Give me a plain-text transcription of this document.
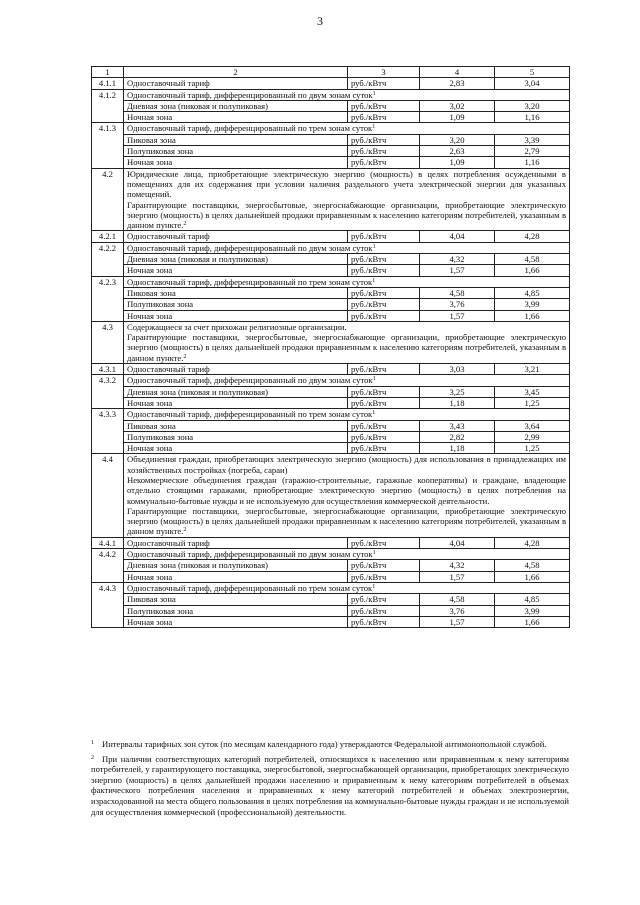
3
1	2	3	4	5
4.1.1	Одноставочный тариф	руб./кВтч	2,83	3,04
4.1.2	Одноставочный тариф, дифференцированный по двум зонам суток$^1$
	Дневная зона (пиковая и полупиковая)	руб./кВтч	3,02	3,20
	Ночная зона	руб./кВтч	1,09	1,16
4.1.3	Одноставочный тариф, дифференцированный по трем зонам суток$^1$
	Пиковая зона	руб./кВтч	3,20	3,39
	Полупиковая зона	руб./кВтч	2,63	2,79
	Ночная зона	руб./кВтч	1,09	1,16
4.2	Юридические лица, приобретающие электрическую энергию (мощность) в целях потребления осужденными в помещениях для их содержания при условии наличия раздельного учета электрической энергии для указанных помещений.

Гарантирующие поставщики, энергосбытовые, энергоснабжающие организации, приобретающие электрическую энергию (мощность) в целях дальнейшей продажи приравненным к населению категориям потребителей, указанным в данном пункте.$^2$

4.2.1	Одноставочный тариф	руб./кВтч	4,04	4,28
4.2.2	Одноставочный тариф, дифференцированный по двум зонам суток$^1$
	Дневная зона (пиковая и полупиковая)	руб./кВтч	4,32	4,58
	Ночная зона	руб./кВтч	1,57	1,66
4.2.3	Одноставочный тариф, дифференцированный по трем зонам суток$^1$
	Пиковая зона	руб./кВтч	4,58	4,85
	Полупиковая зона	руб./кВтч	3,76	3,99
	Ночная зона	руб./кВтч	1,57	1,66
4.3	Содержащиеся за счет прихожан религиозные организации.

Гарантирующие поставщики, энергосбытовые, энергоснабжающие организации, приобретающие электрическую энергию (мощность) в целях дальнейшей продажи приравненным к населению категориям потребителей, указанным в данном пункте.$^2$

4.3.1	Одноставочный тариф	руб./кВтч	3,03	3,21
4.3.2	Одноставочный тариф, дифференцированный по двум зонам суток$^1$
	Дневная зона (пиковая и полупиковая)	руб./кВтч	3,25	3,45
	Ночная зона	руб./кВтч	1,18	1,25
4.3.3	Одноставочный тариф, дифференцированный по трем зонам суток$^1$
	Пиковая зона	руб./кВтч	3,43	3,64
	Полупиковая зона	руб./кВтч	2,82	2,99
	Ночная зона	руб./кВтч	1,18	1,25
4.4	Объединения граждан, приобретающих электрическую энергию (мощность) для использования в принадлежащих им хозяйственных постройках (погреба, сараи)

Некоммерческие объединения граждан (гаражно-строительные, гаражные кооперативы) и граждане, владеющие отдельно стоящими гаражами, приобретающие электрическую энергию (мощность) в целях потребления на коммунально-бытовые нужды и не используемую для осуществления коммерческой деятельности.

Гарантирующие поставщики, энергосбытовые, энергоснабжающие организации, приобретающие электрическую энергию (мощность) в целях дальнейшей продажи приравненным к населению категориям потребителей, указанным в данном пункте.$^2$

4.4.1	Одноставочный тариф	руб./кВтч	4,04	4,28
4.4.2	Одноставочный тариф, дифференцированный по двум зонам суток$^1$
	Дневная зона (пиковая и полупиковая)	руб./кВтч	4,32	4,58
	Ночная зона	руб./кВтч	1,57	1,66
4.4.3	Одноставочный тариф, дифференцированный по трем зонам суток$^1$
	Пиковая зона	руб./кВтч	4,58	4,85
	Полупиковая зона	руб./кВтч	3,76	3,99
	Ночная зона	руб./кВтч	1,57	1,66

$^1$ Интервалы тарифных зон суток (по месяцам календарного года) утверждаются Федеральной антимонопольной службой.

$^2$ При наличии соответствующих категорий потребителей, относящихся к населению или приравненным к нему категориям потребителей, у гарантирующего поставщика, энергосбытовой, энергоснабжающей организации, приобретающих электрическую энергию (мощность) в целях дальнейшей продажи населению и приравненным к нему категориям потребителей в объемах фактического потребления населения и приравненных к нему категорий потребителей и объемах электроэнергии, израсходованной на места общего пользования в целях потребления на коммунально-бытовые нужды граждан и не используемой для осуществления коммерческой (профессиональной) деятельности.
